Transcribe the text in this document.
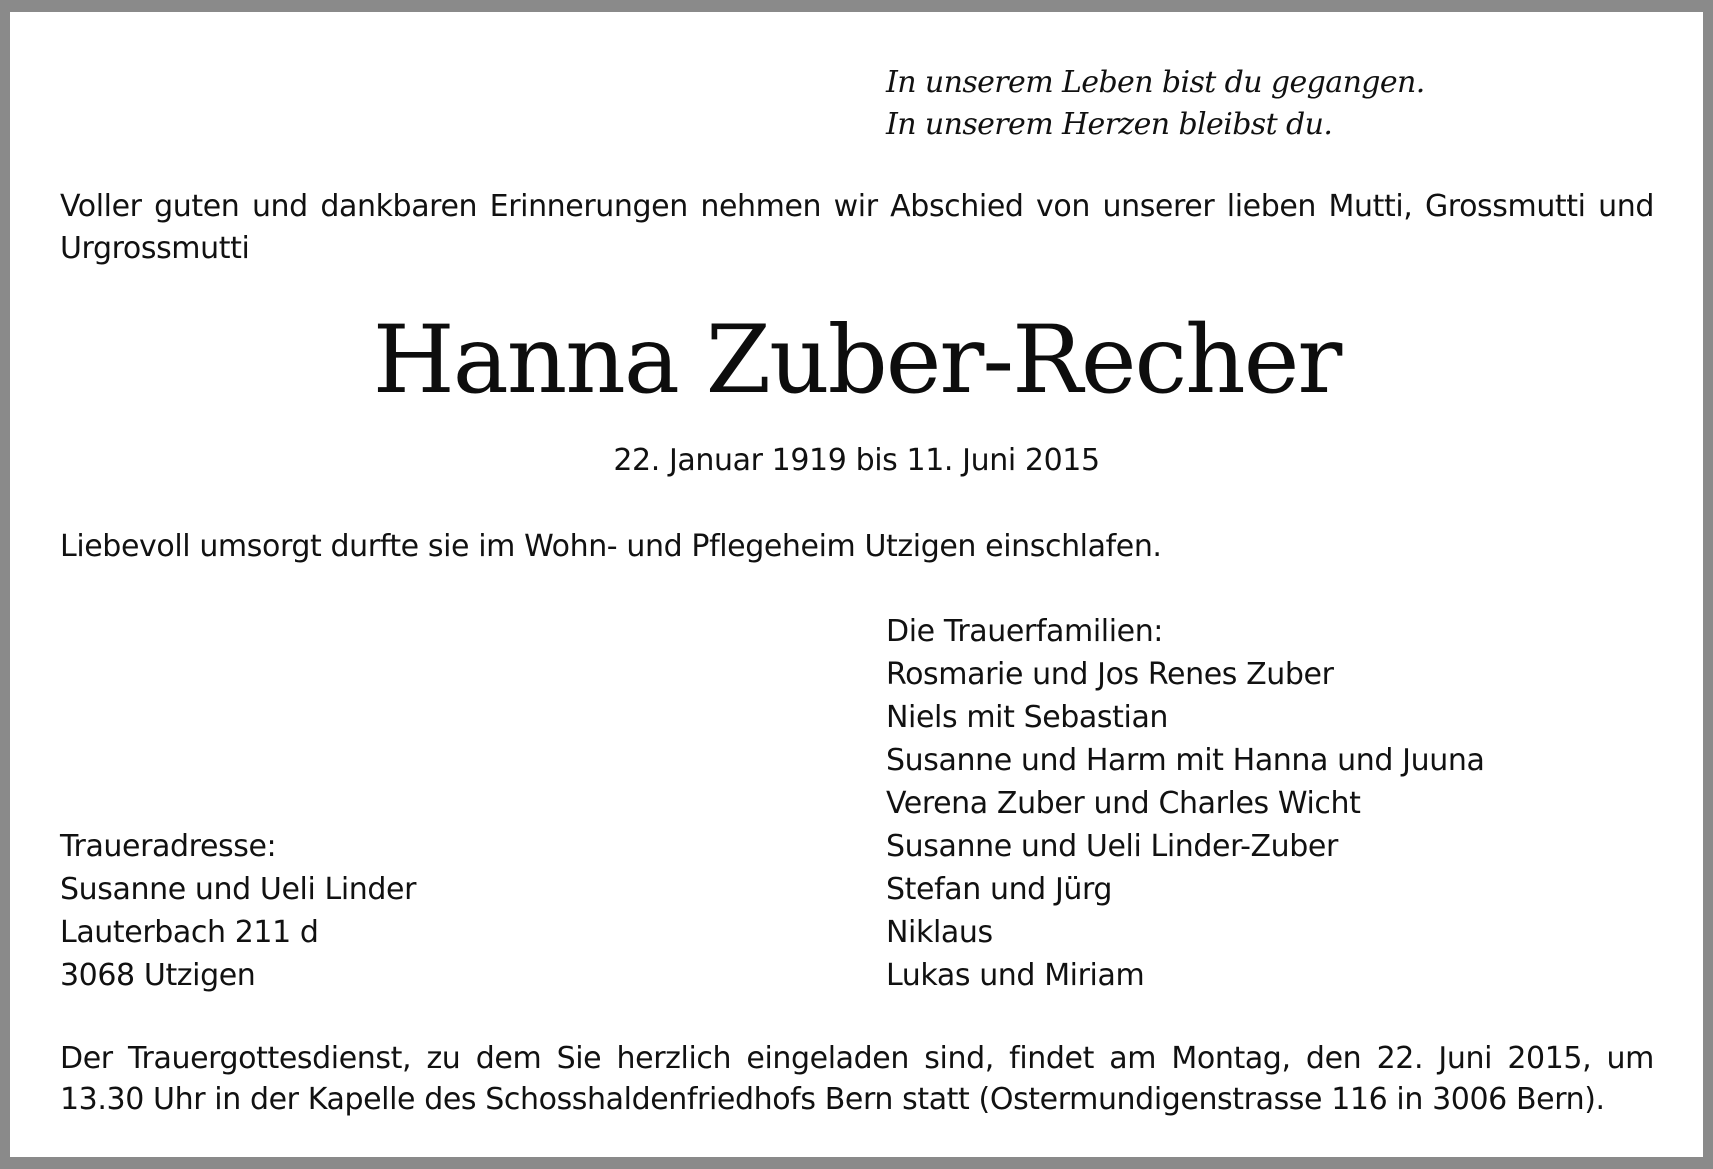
In unserem Leben bist du gegangen.
In unserem Herzen bleibst du.
Voller guten und dankbaren Erinnerungen nehmen wir Abschied von unserer lieben Mutti, Grossmutti und Urgrossmutti
Hanna Zuber-Recher
22. Januar 1919 bis 11. Juni 2015
Liebevoll umsorgt durfte sie im Wohn- und Pflegeheim Utzigen einschlafen.
Die Trauerfamilien:
Rosmarie und Jos Renes Zuber
Niels mit Sebastian
Susanne und Harm mit Hanna und Juuna
Verena Zuber und Charles Wicht
Susanne und Ueli Linder-Zuber
Stefan und Jürg
Niklaus
Lukas und Miriam
Traueradresse:
Susanne und Ueli Linder
Lauterbach 211 d
3068 Utzigen
Der Trauergottesdienst, zu dem Sie herzlich eingeladen sind, findet am Montag, den 22. Juni 2015, um 13.30 Uhr in der Kapelle des Schosshaldenfriedhofs Bern statt (Ostermundigenstrasse 116 in 3006 Bern).
